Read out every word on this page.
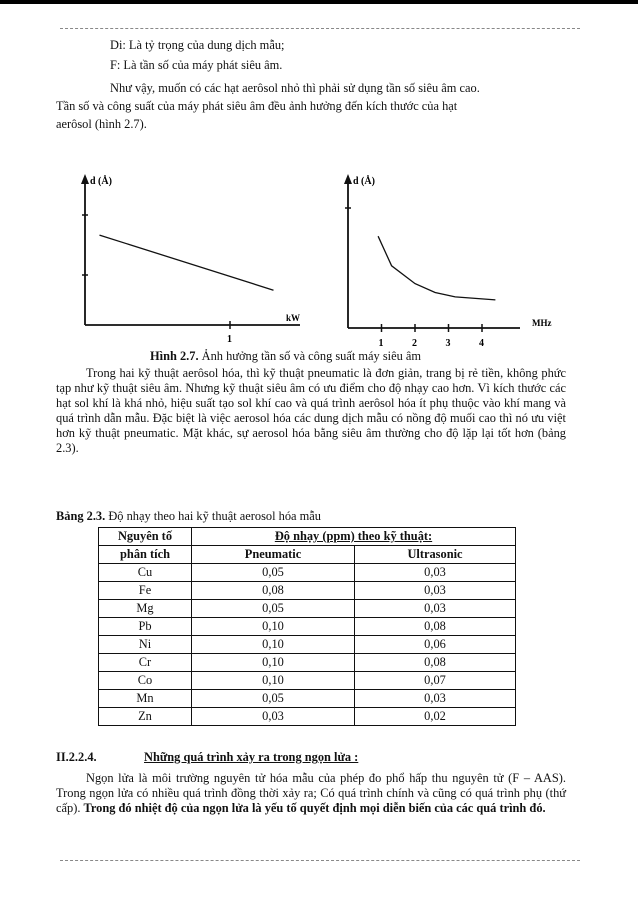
Di: Là tỷ trọng của dung dịch mẫu;
F: Là tần số của máy phát siêu âm.
Như vậy, muốn có các hạt aerôsol nhỏ thì phải sử dụng tần số siêu âm cao.
Tần số và công suất của máy phát siêu âm đều ảnh hưởng đến kích thước của hạt
aerôsol (hình 2.7).
d (Å)
kW
1
d (Å)
MHz
1	2	3	4
Hình 2.7. Ảnh hưởng tần số và công suất máy siêu âm
Trong hai kỹ thuật aerôsol hóa, thì kỹ thuật pneumatic là đơn giản, trang bị rẻ tiền, không phức tạp như kỹ thuật siêu âm. Nhưng kỹ thuật siêu âm có ưu điểm cho độ nhạy cao hơn. Vì kích thước các hạt sol khí là khá nhỏ, hiệu suất tạo sol khí cao và quá trình aerôsol hóa ít phụ thuộc vào khí mang và quá trình dẫn mẫu. Đặc biệt là việc aerosol hóa các dung dịch mẫu có nồng độ muối cao thì nó ưu việt hơn kỹ thuật pneumatic. Mặt khác, sự aerosol hóa bằng siêu âm thường cho độ lặp lại tốt hơn (bảng 2.3).
Bảng 2.3. Độ nhạy theo hai kỹ thuật aerosol hóa mẫu
Nguyên tố	Độ nhạy (ppm) theo kỹ thuật:	
phân tích	Pneumatic	Ultrasonic
Cu	0,05	0,03
Fe	0,08	0,03
Mg	0,05	0,03
Pb	0,10	0,08
Ni	0,10	0,06
Cr	0,10	0,08
Co	0,10	0,07
Mn	0,05	0,03
Zn	0,03	0,02
II.2.2.4.	Những quá trình xảy ra trong ngọn lửa :
Ngọn lửa là môi trường nguyên tử hóa mẫu của phép đo phổ hấp thu nguyên tử (F – AAS). Trong ngọn lửa có nhiều quá trình đồng thời xảy ra; Có quá trình chính và cũng có quá trình phụ (thứ cấp). Trong đó nhiệt độ của ngọn lửa là yếu tố quyết định mọi diễn biến của các quá trình đó.
